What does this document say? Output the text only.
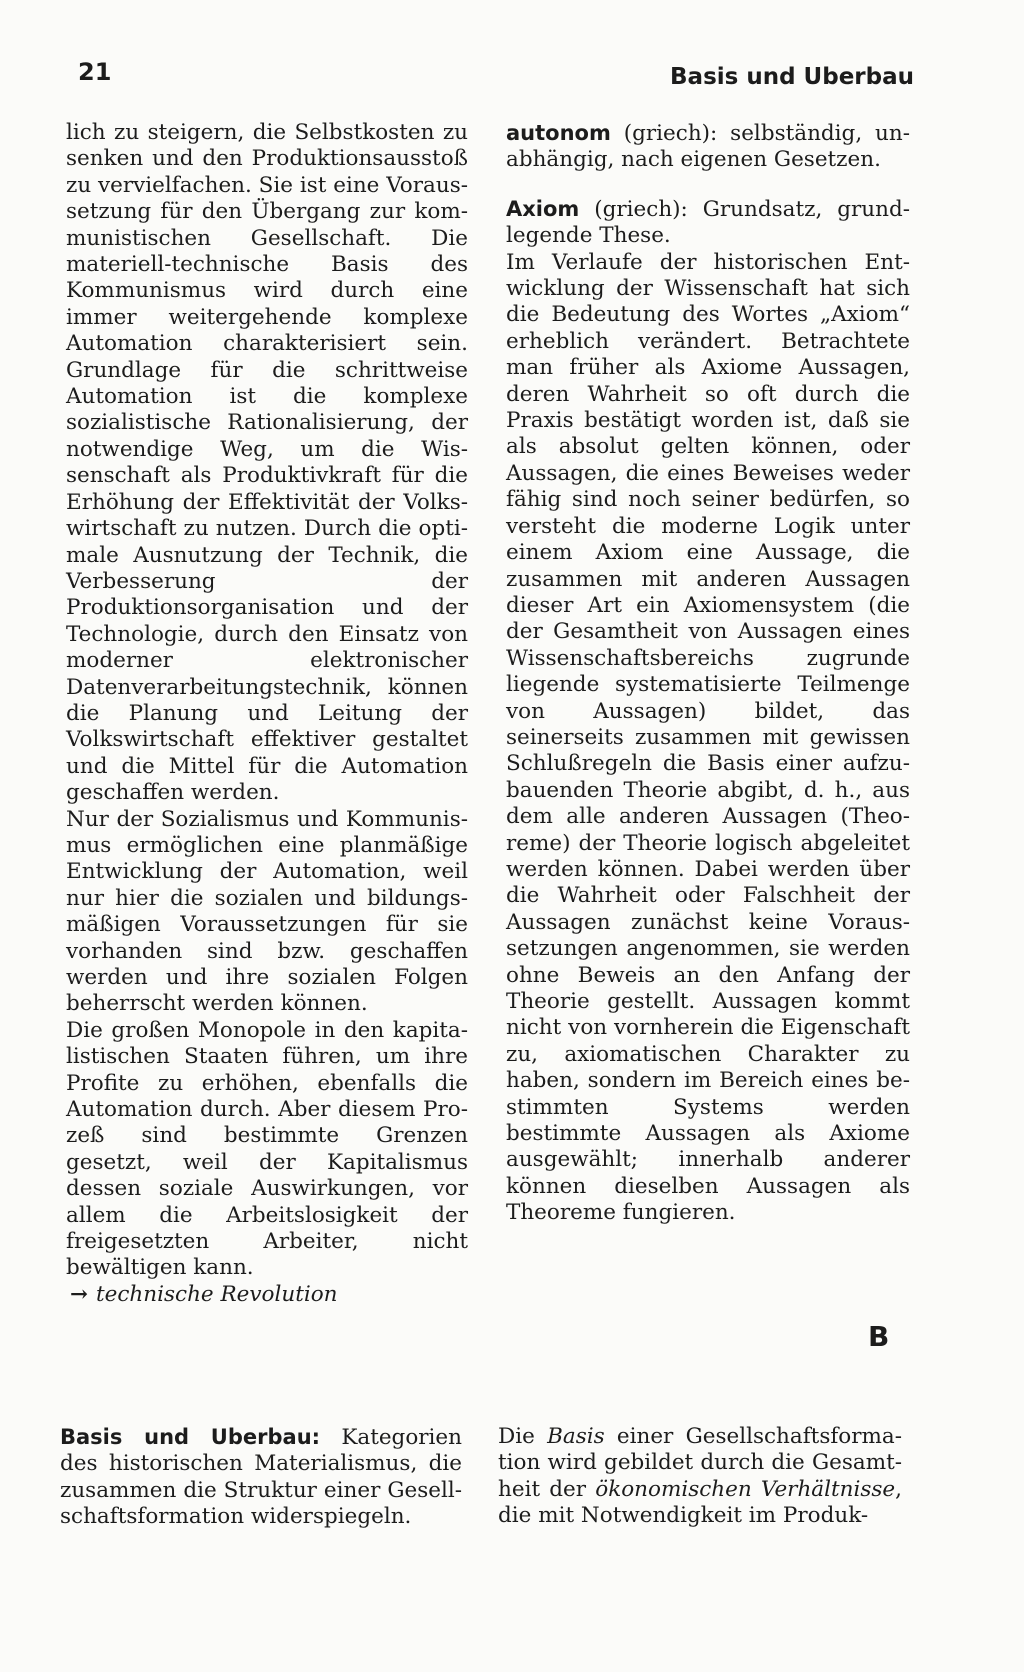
21	Basis und Uberbau

lich zu steigern, die Selbstkosten zu senken und den Produktionsausstoß zu vervielfachen. Sie ist eine Voraussetzung für den Übergang zur kommunistischen Gesellschaft. Die materiell-technische Basis des Kommunismus wird durch eine immer weitergehende komplexe Automation charakterisiert sein. Grundlage für die schrittweise Automation ist die komplexe sozialistische Rationalisierung, der notwendige Weg, um die Wissenschaft als Produktivkraft für die Erhöhung der Effektivität der Volkswirtschaft zu nutzen. Durch die optimale Ausnutzung der Technik, die Verbesserung der Produktionsorganisation und der Technologie, durch den Einsatz von moderner elektronischer Datenverarbeitungstechnik, können die Planung und Leitung der Volkswirtschaft effektiver gestaltet und die Mittel für die Automation geschaffen werden.

Nur der Sozialismus und Kommunismus ermöglichen eine planmäßige Entwicklung der Automation, weil nur hier die sozialen und bildungsmäßigen Voraussetzungen für sie vorhanden sind bzw. geschaffen werden und ihre sozialen Folgen beherrscht werden können.

Die großen Monopole in den kapitalistischen Staaten führen, um ihre Profite zu erhöhen, ebenfalls die Automation durch. Aber diesem Prozeß sind bestimmte Grenzen gesetzt, weil der Kapitalismus dessen soziale Auswirkungen, vor allem die Arbeitslosigkeit der freigesetzten Arbeiter, nicht bewältigen kann.

→ technische Revolution

autonom (griech): selbständig, unabhängig, nach eigenen Gesetzen.

Axiom (griech): Grundsatz, grundlegende These.

Im Verlaufe der historischen Entwicklung der Wissenschaft hat sich die Bedeutung des Wortes „Axiom“ erheblich verändert. Betrachtete man früher als Axiome Aussagen, deren Wahrheit so oft durch die Praxis bestätigt worden ist, daß sie als absolut gelten können, oder Aussagen, die eines Beweises weder fähig sind noch seiner bedürfen, so versteht die moderne Logik unter einem Axiom eine Aussage, die zusammen mit anderen Aussagen dieser Art ein Axiomensystem (die der Gesamtheit von Aussagen eines Wissenschaftsbereichs zugrunde liegende systematisierte Teilmenge von Aussagen) bildet, das seinerseits zusammen mit gewissen Schlußregeln die Basis einer aufzubauenden Theorie abgibt, d. h., aus dem alle anderen Aussagen (Theoreme) der Theorie logisch abgeleitet werden können. Dabei werden über die Wahrheit oder Falschheit der Aussagen zunächst keine Voraussetzungen angenommen, sie werden ohne Beweis an den Anfang der Theorie gestellt. Aussagen kommt nicht von vornherein die Eigenschaft zu, axiomatischen Charakter zu haben, sondern im Bereich eines bestimmten Systems werden bestimmte Aussagen als Axiome ausgewählt; innerhalb anderer können dieselben Aussagen als Theoreme fungieren.

B
Basis und Uberbau: Kategorien des historischen Materialismus, die zusammen die Struktur einer Gesellschaftsformation widerspiegeln.
Die Basis einer Gesellschaftsformation wird gebildet durch die Gesamtheit der ökonomischen Verhältnisse, die mit Notwendigkeit im Produk-
